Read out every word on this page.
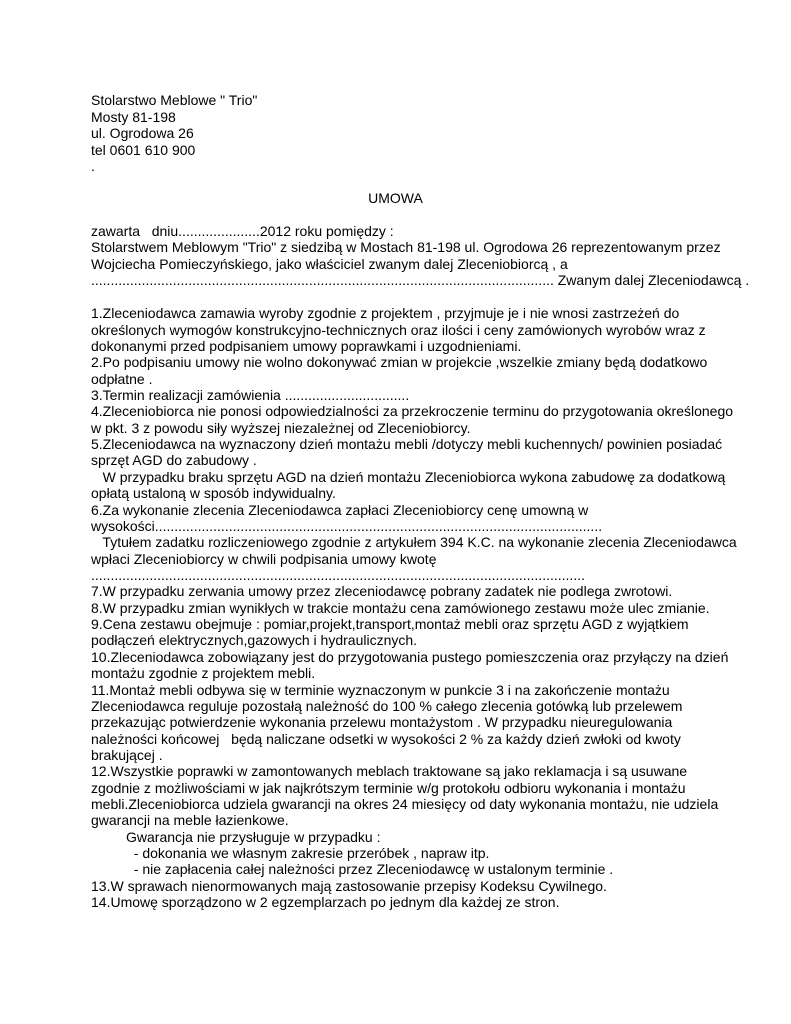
Stolarstwo Meblowe " Trio"
Mosty 81-198
ul. Ogrodowa 26
tel 0601 610 900
.
UMOWA
zawarta   dniu.....................2012 roku pomiędzy :
Stolarstwem Meblowym "Trio" z siedzibą w Mostach 81-198 ul. Ogrodowa 26 reprezentowanym przez
Wojciecha Pomieczyńskiego, jako właściciel zwanym dalej Zleceniobiorcą , a
....................................................................................................................... Zwanym dalej Zleceniodawcą .
1.Zleceniodawca zamawia wyroby zgodnie z projektem , przyjmuje je i nie wnosi zastrzeżeń do
określonych wymogów konstrukcyjno-technicznych oraz ilości i ceny zamówionych wyrobów wraz z
dokonanymi przed podpisaniem umowy poprawkami i uzgodnieniami.
2.Po podpisaniu umowy nie wolno dokonywać zmian w projekcie ,wszelkie zmiany będą dodatkowo
odpłatne .
3.Termin realizacji zamówienia ................................
4.Zleceniobiorca nie ponosi odpowiedzialności za przekroczenie terminu do przygotowania określonego
w pkt. 3 z powodu siły wyższej niezależnej od Zleceniobiorcy.
5.Zleceniodawca na wyznaczony dzień montażu mebli /dotyczy mebli kuchennych/ powinien posiadać
sprzęt AGD do zabudowy .
W przypadku braku sprzętu AGD na dzień montażu Zleceniobiorca wykona zabudowę za dodatkową
opłatą ustaloną w sposób indywidualny.
6.Za wykonanie zlecenia Zleceniodawca zapłaci Zleceniobiorcy cenę umowną w
wysokości...................................................................................................................
Tytułem zadatku rozliczeniowego zgodnie z artykułem 394 K.C. na wykonanie zlecenia Zleceniodawca
wpłaci Zleceniobiorcy w chwili podpisania umowy kwotę
...............................................................................................................................
7.W przypadku zerwania umowy przez zleceniodawcę pobrany zadatek nie podlega zwrotowi.
8.W przypadku zmian wynikłych w trakcie montażu cena zamówionego zestawu może ulec zmianie.
9.Cena zestawu obejmuje : pomiar,projekt,transport,montaż mebli oraz sprzętu AGD z wyjątkiem
podłączeń elektrycznych,gazowych i hydraulicznych.
10.Zleceniodawca zobowiązany jest do przygotowania pustego pomieszczenia oraz przyłączy na dzień
montażu zgodnie z projektem mebli.
11.Montaż mebli odbywa się w terminie wyznaczonym w punkcie 3 i na zakończenie montażu
Zleceniodawca reguluje pozostałą należność do 100 % całego zlecenia gotówką lub przelewem
przekazując potwierdzenie wykonania przelewu montażystom . W przypadku nieuregulowania
należności końcowej   będą naliczane odsetki w wysokości 2 % za każdy dzień zwłoki od kwoty
brakującej .
12.Wszystkie poprawki w zamontowanych meblach traktowane są jako reklamacja i są usuwane
zgodnie z możliwościami w jak najkrótszym terminie w/g protokołu odbioru wykonania i montażu
mebli.Zleceniobiorca udziela gwarancji na okres 24 miesięcy od daty wykonania montażu, nie udziela
gwarancji na meble łazienkowe.
Gwarancja nie przysługuje w przypadku :
- dokonania we własnym zakresie przeróbek , napraw itp.
- nie zapłacenia całej należności przez Zleceniodawcę w ustalonym terminie .
13.W sprawach nienormowanych mają zastosowanie przepisy Kodeksu Cywilnego.
14.Umowę sporządzono w 2 egzemplarzach po jednym dla każdej ze stron.
